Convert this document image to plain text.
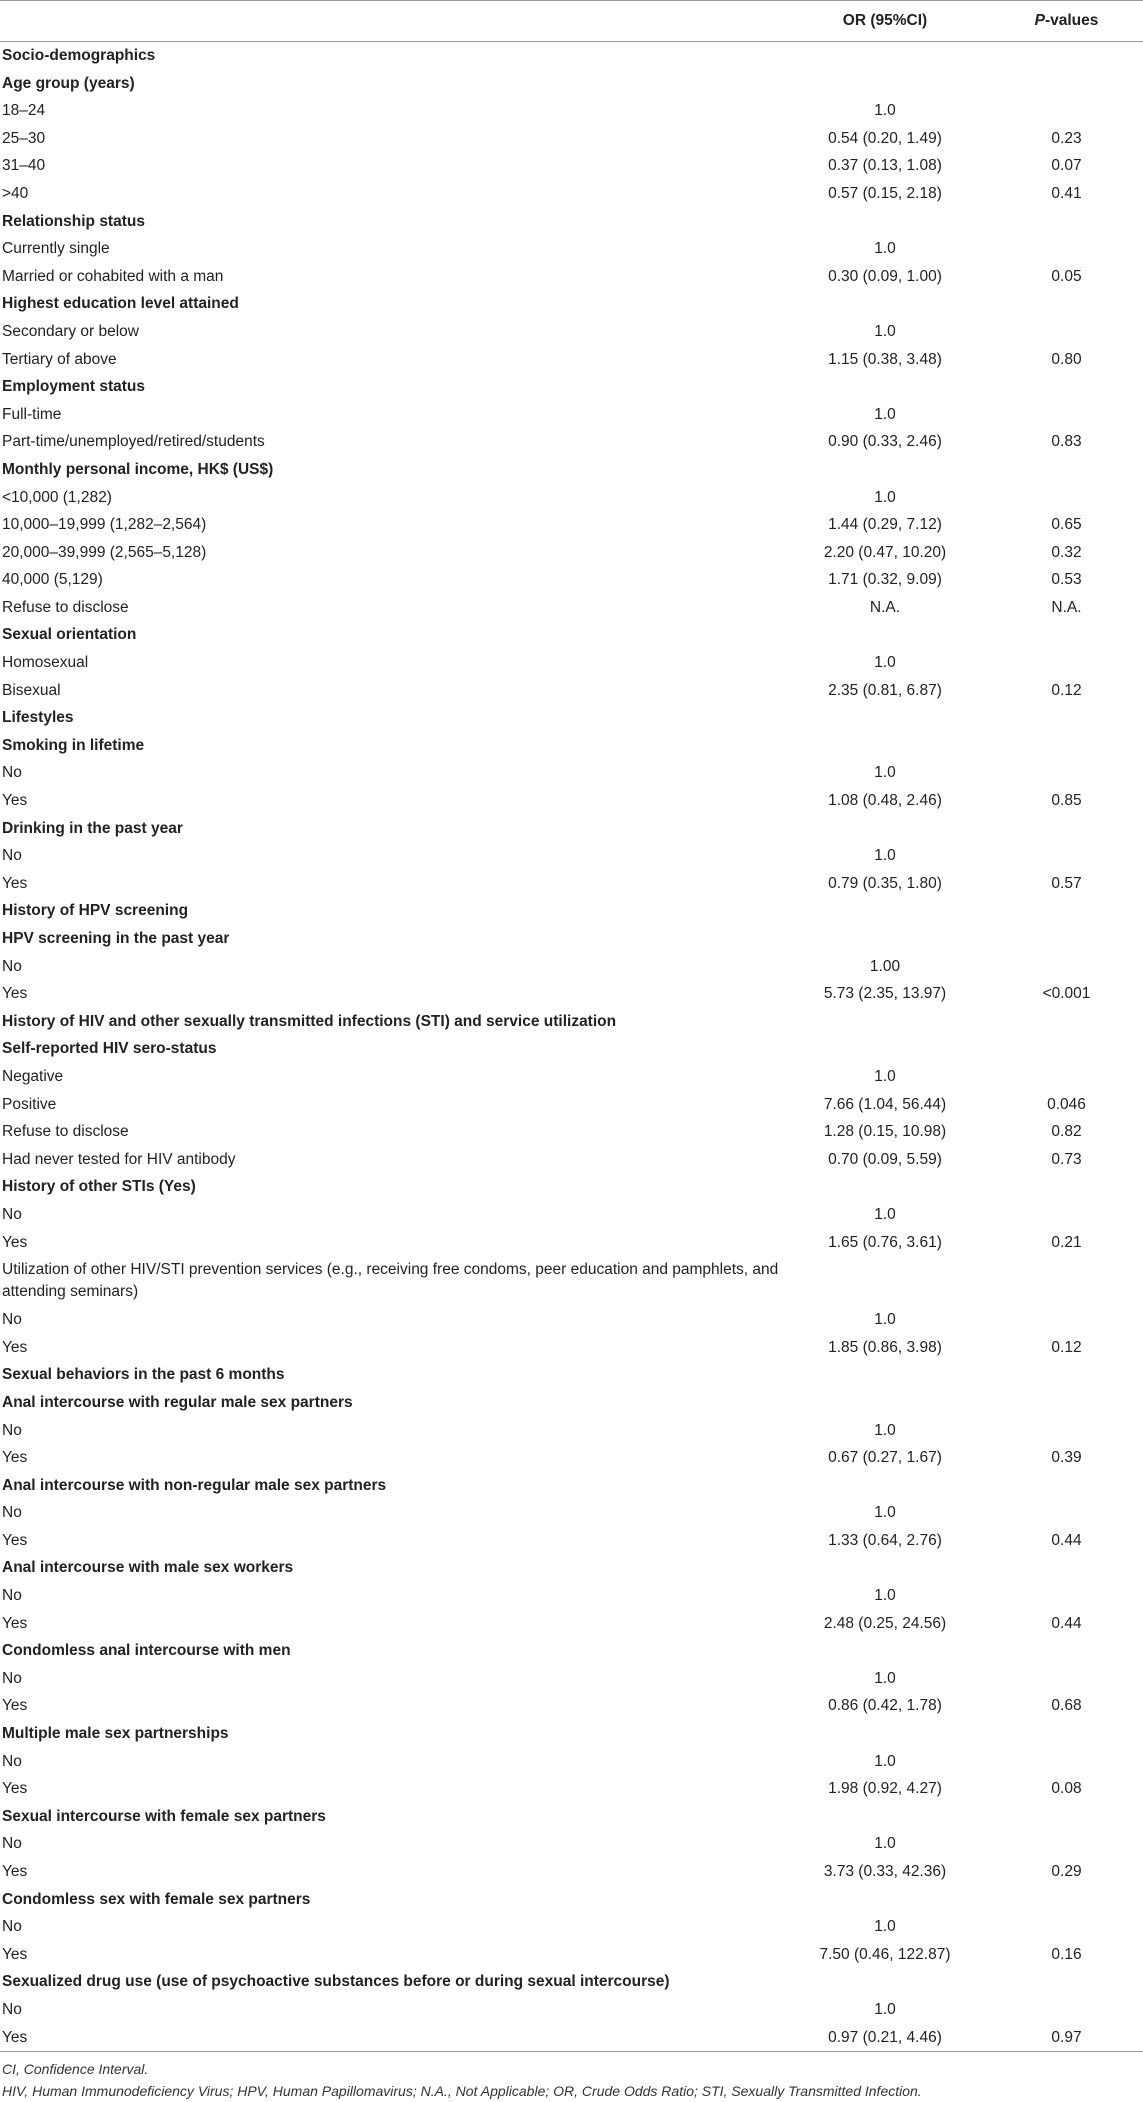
	OR (95%CI)	P-values
Socio-demographics		
Age group (years)		
18–24	1.0	
25–30	0.54 (0.20, 1.49)	0.23
31–40	0.37 (0.13, 1.08)	0.07
>40	0.57 (0.15, 2.18)	0.41
Relationship status		
Currently single	1.0	
Married or cohabited with a man	0.30 (0.09, 1.00)	0.05
Highest education level attained		
Secondary or below	1.0	
Tertiary of above	1.15 (0.38, 3.48)	0.80
Employment status		
Full-time	1.0	
Part-time/unemployed/retired/students	0.90 (0.33, 2.46)	0.83
Monthly personal income, HK$ (US$)		
<10,000 (1,282)	1.0	
10,000–19,999 (1,282–2,564)	1.44 (0.29, 7.12)	0.65
20,000–39,999 (2,565–5,128)	2.20 (0.47, 10.20)	0.32
40,000 (5,129)	1.71 (0.32, 9.09)	0.53
Refuse to disclose	N.A.	N.A.
Sexual orientation		
Homosexual	1.0	
Bisexual	2.35 (0.81, 6.87)	0.12
Lifestyles		
Smoking in lifetime		
No	1.0	
Yes	1.08 (0.48, 2.46)	0.85
Drinking in the past year		
No	1.0	
Yes	0.79 (0.35, 1.80)	0.57
History of HPV screening		
HPV screening in the past year		
No	1.00	
Yes	5.73 (2.35, 13.97)	<0.001
History of HIV and other sexually transmitted infections (STI) and service utilization		
Self-reported HIV sero-status		
Negative	1.0	
Positive	7.66 (1.04, 56.44)	0.046
Refuse to disclose	1.28 (0.15, 10.98)	0.82
Had never tested for HIV antibody	0.70 (0.09, 5.59)	0.73
History of other STIs (Yes)		
No	1.0	
Yes	1.65 (0.76, 3.61)	0.21
Utilization of other HIV/STI prevention services (e.g., receiving free condoms, peer education and pamphlets, and attending seminars)		
No	1.0	
Yes	1.85 (0.86, 3.98)	0.12
Sexual behaviors in the past 6 months		
Anal intercourse with regular male sex partners		
No	1.0	
Yes	0.67 (0.27, 1.67)	0.39
Anal intercourse with non-regular male sex partners		
No	1.0	
Yes	1.33 (0.64, 2.76)	0.44
Anal intercourse with male sex workers		
No	1.0	
Yes	2.48 (0.25, 24.56)	0.44
Condomless anal intercourse with men		
No	1.0	
Yes	0.86 (0.42, 1.78)	0.68
Multiple male sex partnerships		
No	1.0	
Yes	1.98 (0.92, 4.27)	0.08
Sexual intercourse with female sex partners		
No	1.0	
Yes	3.73 (0.33, 42.36)	0.29
Condomless sex with female sex partners		
No	1.0	
Yes	7.50 (0.46, 122.87)	0.16
Sexualized drug use (use of psychoactive substances before or during sexual intercourse)		
No	1.0	
Yes	0.97 (0.21, 4.46)	0.97
CI, Confidence Interval.
HIV, Human Immunodeficiency Virus; HPV, Human Papillomavirus; N.A., Not Applicable; OR, Crude Odds Ratio; STI, Sexually Transmitted Infection.
